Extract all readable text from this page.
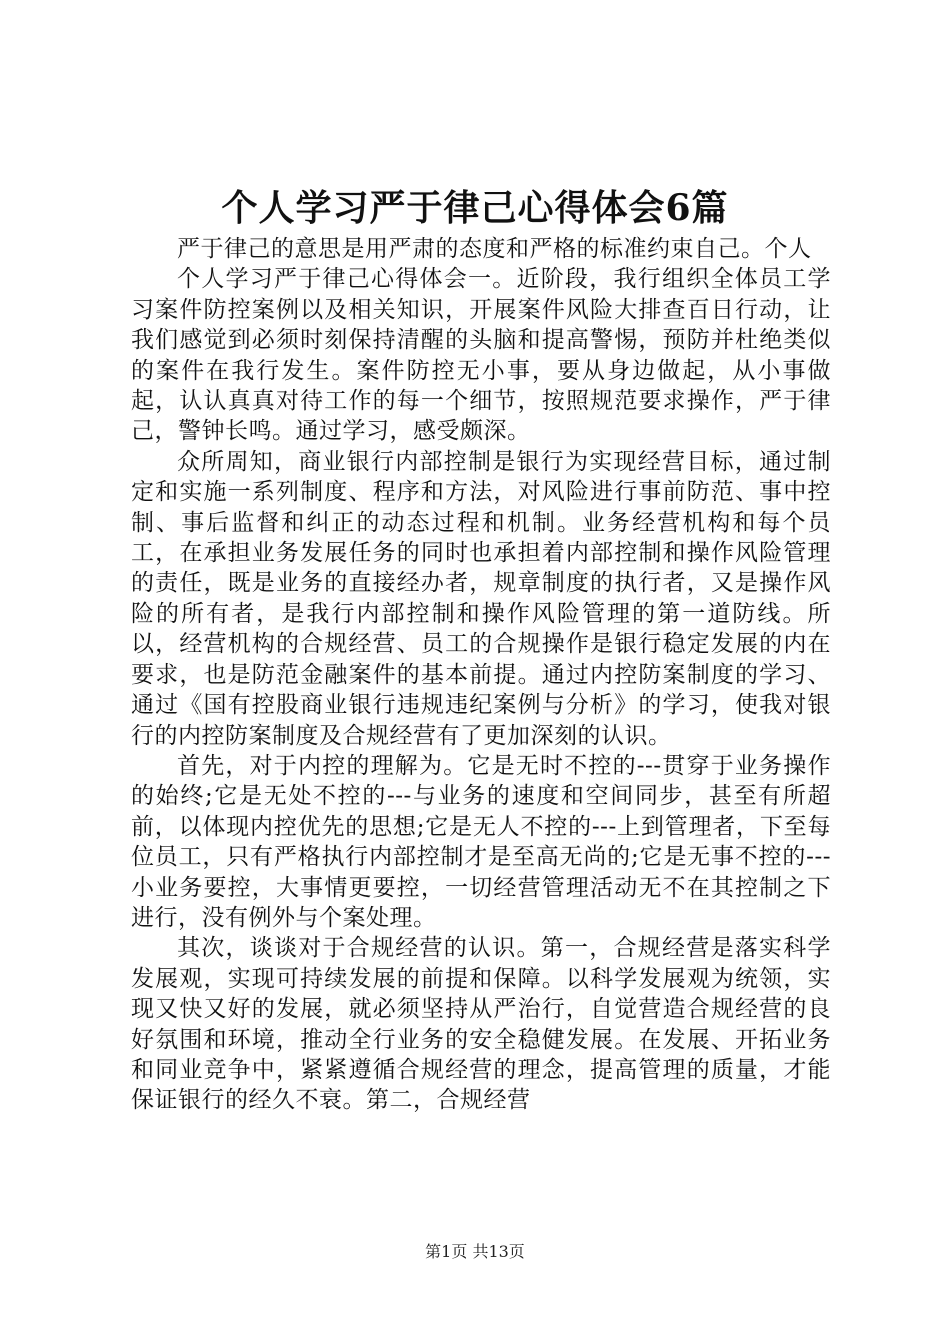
个人学习严于律己心得体会6篇

严于律己的意思是用严肃的态度和严格的标准约束自己。个人

个人学习严于律己心得体会一。近阶段，我行组织全体员工学习案件防控案例以及相关知识，开展案件风险大排查百日行动，让我们感觉到必须时刻保持清醒的头脑和提高警惕，预防并杜绝类似的案件在我行发生。案件防控无小事，要从身边做起，从小事做起，认认真真对待工作的每一个细节，按照规范要求操作，严于律己，警钟长鸣。通过学习，感受颇深。

众所周知，商业银行内部控制是银行为实现经营目标，通过制定和实施一系列制度、程序和方法，对风险进行事前防范、事中控制、事后监督和纠正的动态过程和机制。业务经营机构和每个员工，在承担业务发展任务的同时也承担着内部控制和操作风险管理的责任，既是业务的直接经办者，规章制度的执行者，又是操作风险的所有者，是我行内部控制和操作风险管理的第一道防线。所以，经营机构的合规经营、员工的合规操作是银行稳定发展的内在要求，也是防范金融案件的基本前提。通过内控防案制度的学习、通过《国有控股商业银行违规违纪案例与分析》的学习，使我对银行的内控防案制度及合规经营有了更加深刻的认识。

首先，对于内控的理解为。它是无时不控的---贯穿于业务操作的始终;它是无处不控的---与业务的速度和空间同步，甚至有所超前，以体现内控优先的思想;它是无人不控的---上到管理者，下至每位员工，只有严格执行内部控制才是至高无尚的;它是无事不控的---小业务要控，大事情更要控，一切经营管理活动无不在其控制之下进行，没有例外与个案处理。

其次，谈谈对于合规经营的认识。第一，合规经营是落实科学发展观，实现可持续发展的前提和保障。以科学发展观为统领，实现又快又好的发展，就必须坚持从严治行，自觉营造合规经营的良好氛围和环境，推动全行业务的安全稳健发展。在发展、开拓业务和同业竞争中，紧紧遵循合规经营的理念，提高管理的质量，才能保证银行的经久不衰。第二，合规经营

第1页 共13页
